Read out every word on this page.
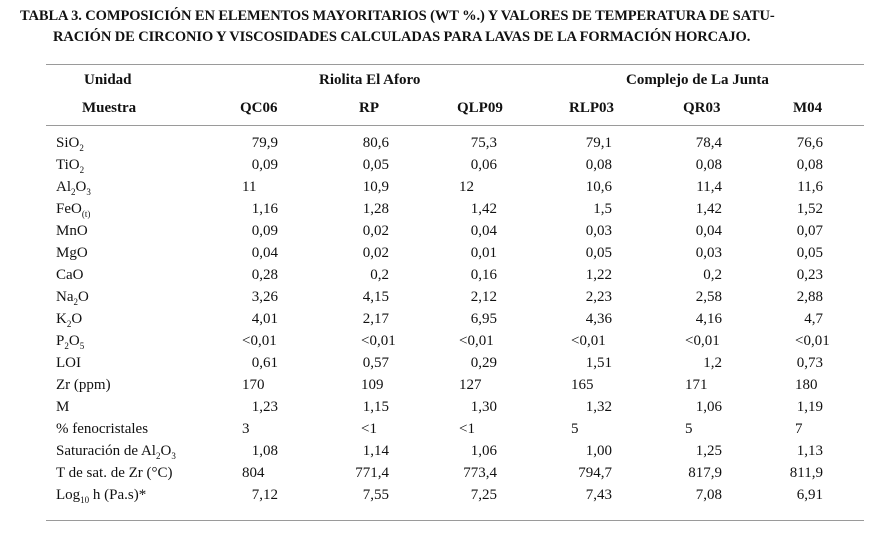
TABLA 3. COMPOSICIÓN EN ELEMENTOS MAYORITARIOS (WT %.) Y VALORES DE TEMPERATURA DE SATU-
RACIÓN DE CIRCONIO Y VISCOSIDADES CALCULADAS PARA LAVAS DE LA FORMACIÓN HORCAJO.
Unidad	Riolita El Aforo	Complejo de La Junta
Muestra	QC06	RP	QLP09	RLP03	QR03	M04
SiO$_2$	79,9	80,6	75,3	79,1	78,4	76,6
TiO$_2$	0,09	0,05	0,06	0,08	0,08	0,08
$Al_2O_3$	11	10,9	12	10,6	11,4	11,6
FeO$_{(t)}$	1,16	1,28	1,42	1,5	1,42	1,52
MnO	0,09	0,02	0,04	0,03	0,04	0,07
MgO	0,04	0,02	0,01	0,05	0,03	0,05
CaO	0,28	0,2	0,16	1,22	0,2	0,23
$Na_2O$	3,26	4,15	2,12	2,23	2,58	2,88
$K_2O$	4,01	2,17	6,95	4,36	4,16	4,7
$P_2O_5$	<0,01	<0,01	<0,01	<0,01	<0,01	<0,01
LOI	0,61	0,57	0,29	1,51	1,2	0,73
Zr (ppm)	170	109	127	165	171	180
M	1,23	1,15	1,30	1,32	1,06	1,19
% fenocristales	3	<1	<1	5	5	7
Saturación de $Al_2O_3$	1,08	1,14	1,06	1,00	1,25	1,13
T de sat. de Zr (°C)	804	771,4	773,4	794,7	817,9	811,9
Log$_{10}$ h (Pa.s)*	7,12	7,55	7,25	7,43	7,08	6,91
